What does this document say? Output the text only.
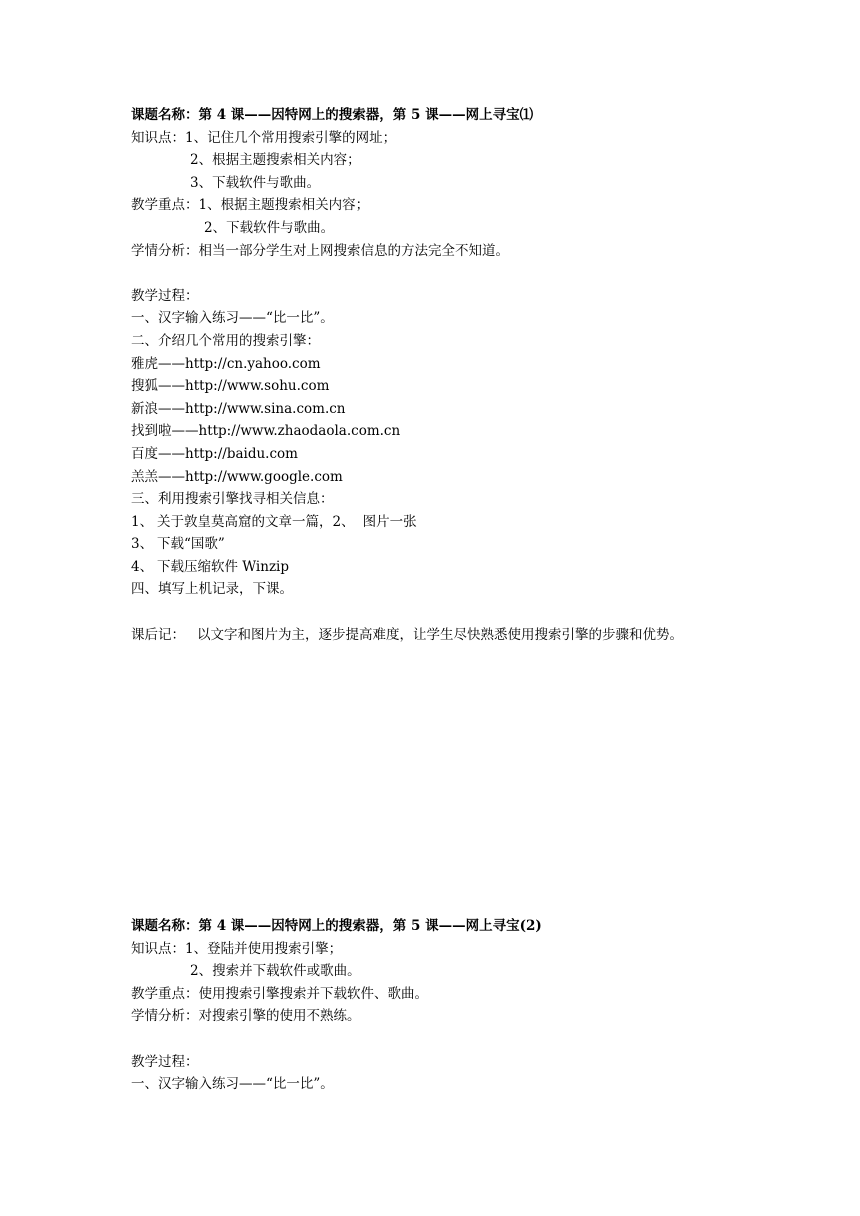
课题名称：第 4 课——因特网上的搜索器，第 5 课——网上寻宝⑴
知识点：1、记住几个常用搜索引擎的网址；
2、根据主题搜索相关内容；
3、下载软件与歌曲。
教学重点：1、根据主题搜索相关内容；
2、下载软件与歌曲。
学情分析：相当一部分学生对上网搜索信息的方法完全不知道。
教学过程：
一、汉字输入练习——“比一比”。
二、介绍几个常用的搜索引擎：
雅虎——http://cn.yahoo.com
搜狐——http://www.sohu.com
新浪——http://www.sina.com.cn
找到啦——http://www.zhaodaola.com.cn
百度——http://baidu.com
羔羔——http://www.google.com
三、利用搜索引擎找寻相关信息：
1、 关于敦皇莫高窟的文章一篇，2、 图片一张
3、 下载“国歌”
4、 下载压缩软件 Winzip
四、填写上机记录，下课。
课后记： 以文字和图片为主，逐步提高难度，让学生尽快熟悉使用搜索引擎的步骤和优势。
课题名称：第 4 课——因特网上的搜索器，第 5 课——网上寻宝(2)
知识点：1、登陆并使用搜索引擎；
2、搜索并下载软件或歌曲。
教学重点：使用搜索引擎搜索并下载软件、歌曲。
学情分析：对搜索引擎的使用不熟练。
教学过程：
一、汉字输入练习——“比一比”。
